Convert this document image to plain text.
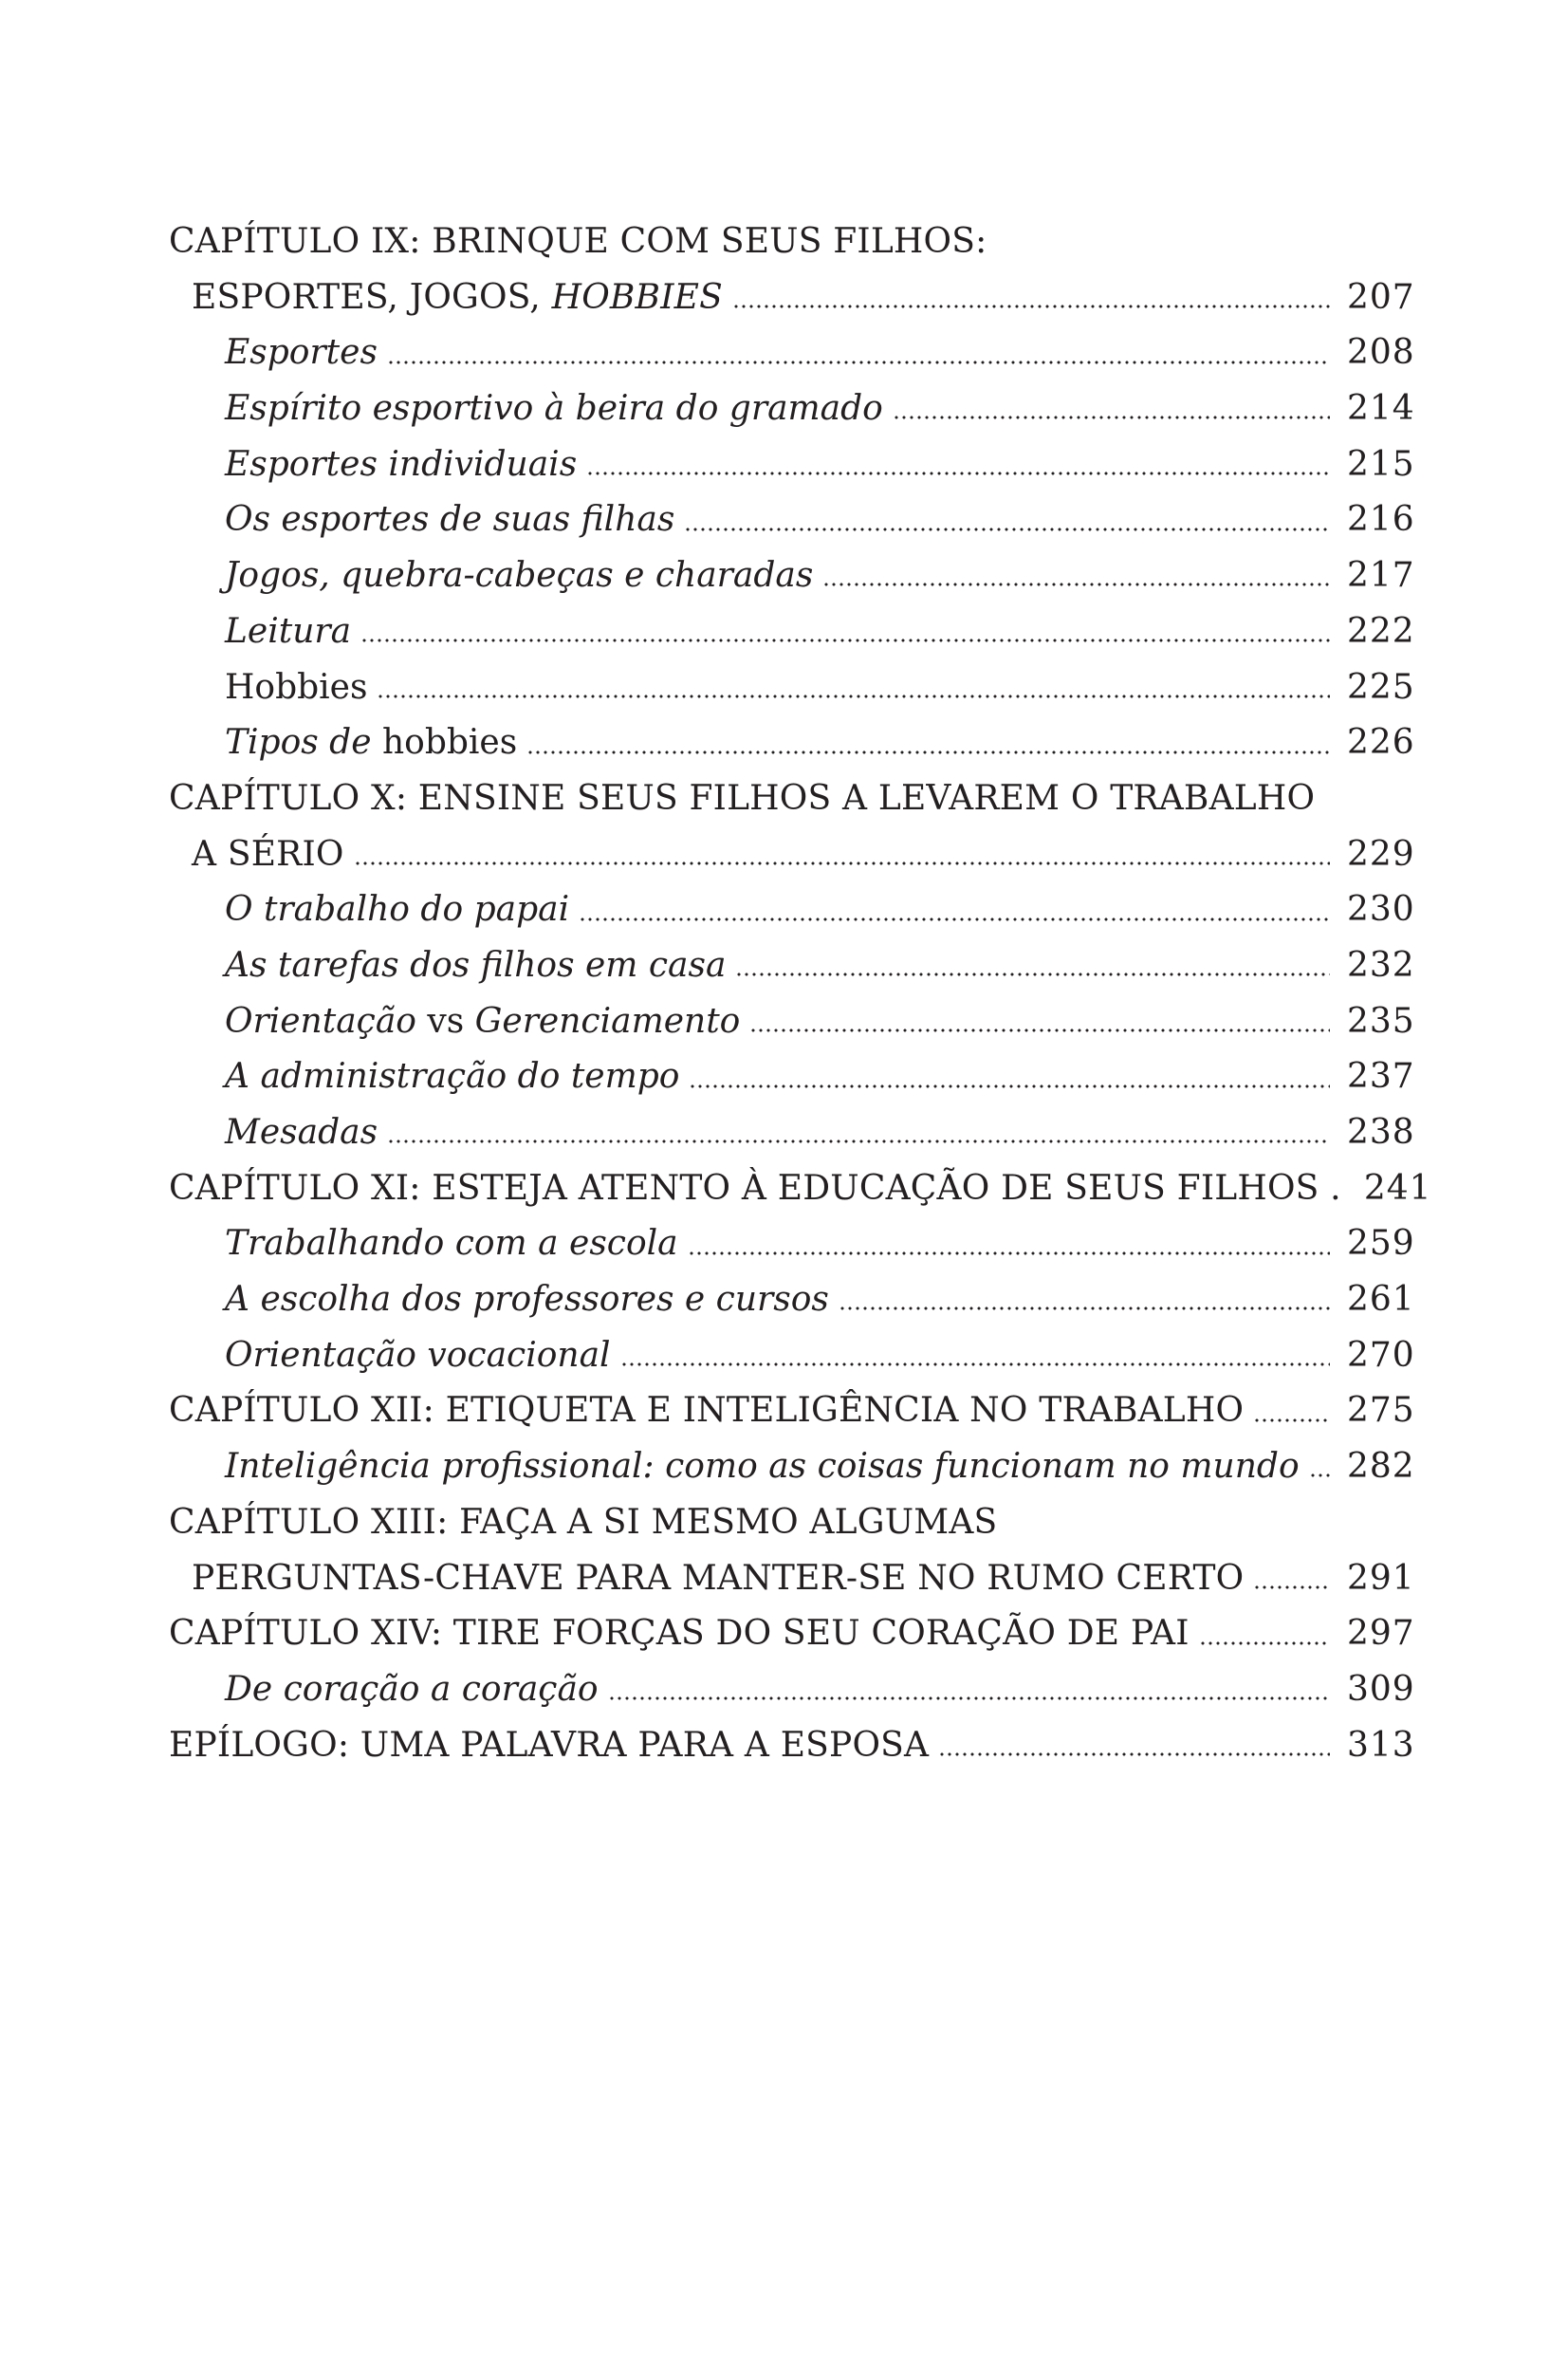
CAPÍTULO IX: BRINQUE COM SEUS FILHOS:
ESPORTES, JOGOS, HOBBIES	207
Esportes	208
Espírito esportivo à beira do gramado	214
Esportes individuais	215
Os esportes de suas filhas	216
Jogos, quebra-cabeças e charadas	217
Leitura	222
Hobbies	225
Tipos de hobbies	226
CAPÍTULO X: ENSINE SEUS FILHOS A LEVAREM O TRABALHO
A SÉRIO	229
O trabalho do papai	230
As tarefas dos filhos em casa	232
Orientação vs Gerenciamento	235
A administração do tempo	237
Mesadas	238
CAPÍTULO XI: ESTEJA ATENTO À EDUCAÇÃO DE SEUS FILHOS . 241
Trabalhando com a escola	259
A escolha dos professores e cursos	261
Orientação vocacional	270
CAPÍTULO XII: ETIQUETA E INTELIGÊNCIA NO TRABALHO	275
Inteligência profissional: como as coisas funcionam no mundo 282
CAPÍTULO XIII: FAÇA A SI MESMO ALGUMAS
PERGUNTAS-CHAVE PARA MANTER-SE NO RUMO CERTO	291
CAPÍTULO XIV: TIRE FORÇAS DO SEU CORAÇÃO DE PAI	297
De coração a coração	309
EPÍLOGO: UMA PALAVRA PARA A ESPOSA	313
